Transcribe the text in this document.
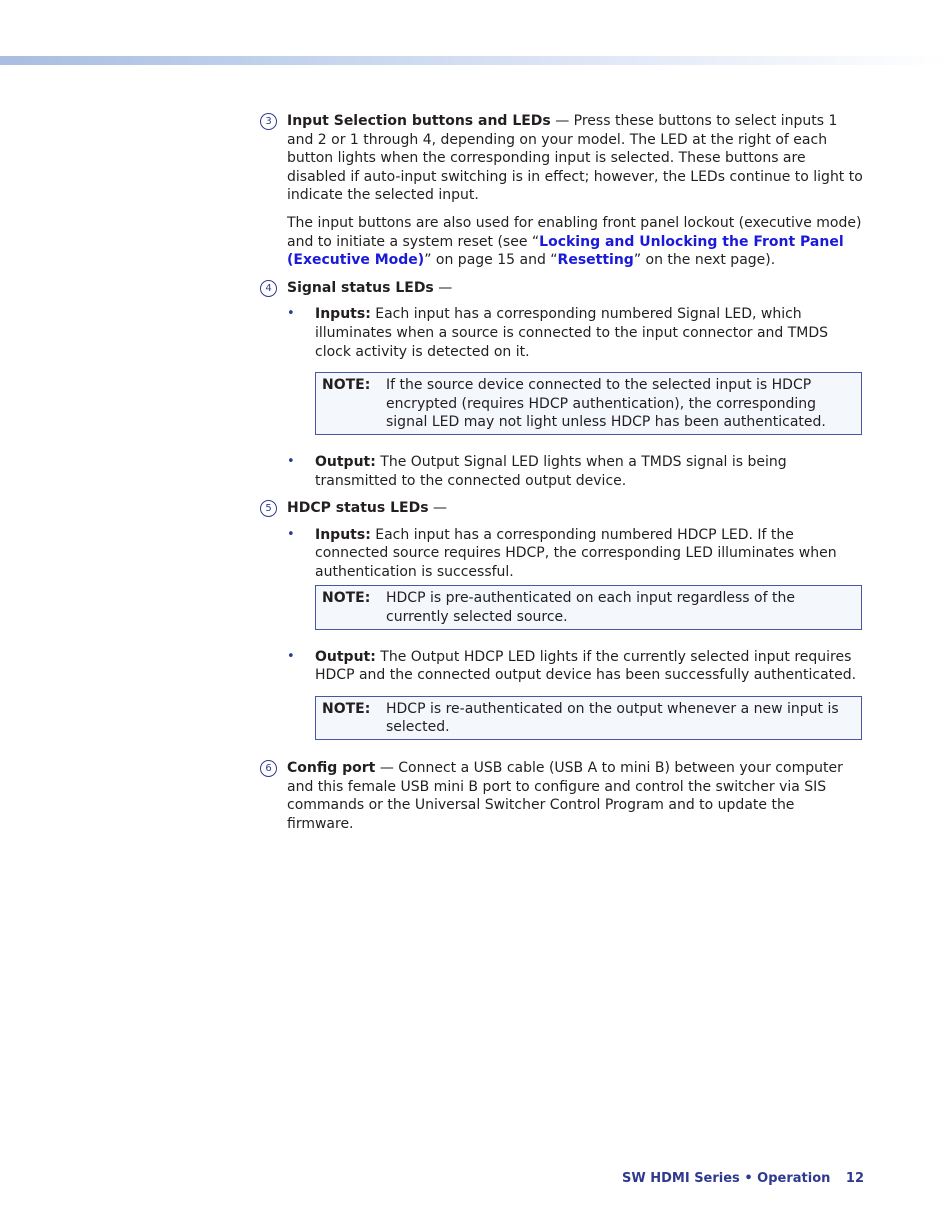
3	Input Selection buttons and LEDs — Press these buttons to select inputs 1 and 2 or 1 through 4, depending on your model. The LED at the right of each button lights when the corresponding input is selected. These buttons are disabled if auto-input switching is in effect; however, the LEDs continue to light to indicate the selected input.

The input buttons are also used for enabling front panel lockout (executive mode) and to initiate a system reset (see “Locking and Unlocking the Front Panel (Executive Mode)” on page 15 and “Resetting” on the next page).

4	Signal status LEDs —

• Inputs: Each input has a corresponding numbered Signal LED, which illuminates when a source is connected to the input connector and TMDS clock activity is detected on it.

NOTE:	If the source device connected to the selected input is HDCP encrypted (requires HDCP authentication), the corresponding signal LED may not light unless HDCP has been authenticated.
• Output: The Output Signal LED lights when a TMDS signal is being transmitted to the connected output device.

5	HDCP status LEDs —

• Inputs: Each input has a corresponding numbered HDCP LED. If the connected source requires HDCP, the corresponding LED illuminates when authentication is successful.

NOTE:	HDCP is pre-authenticated on each input regardless of the currently selected source.
• Output: The Output HDCP LED lights if the currently selected input requires HDCP and the connected output device has been successfully authenticated.

NOTE:	HDCP is re-authenticated on the output whenever a new input is selected.
6	Config port — Connect a USB cable (USB A to mini B) between your computer and this female USB mini B port to configure and control the switcher via SIS commands or the Universal Switcher Control Program and to update the firmware.

SW HDMI Series • Operation 12
